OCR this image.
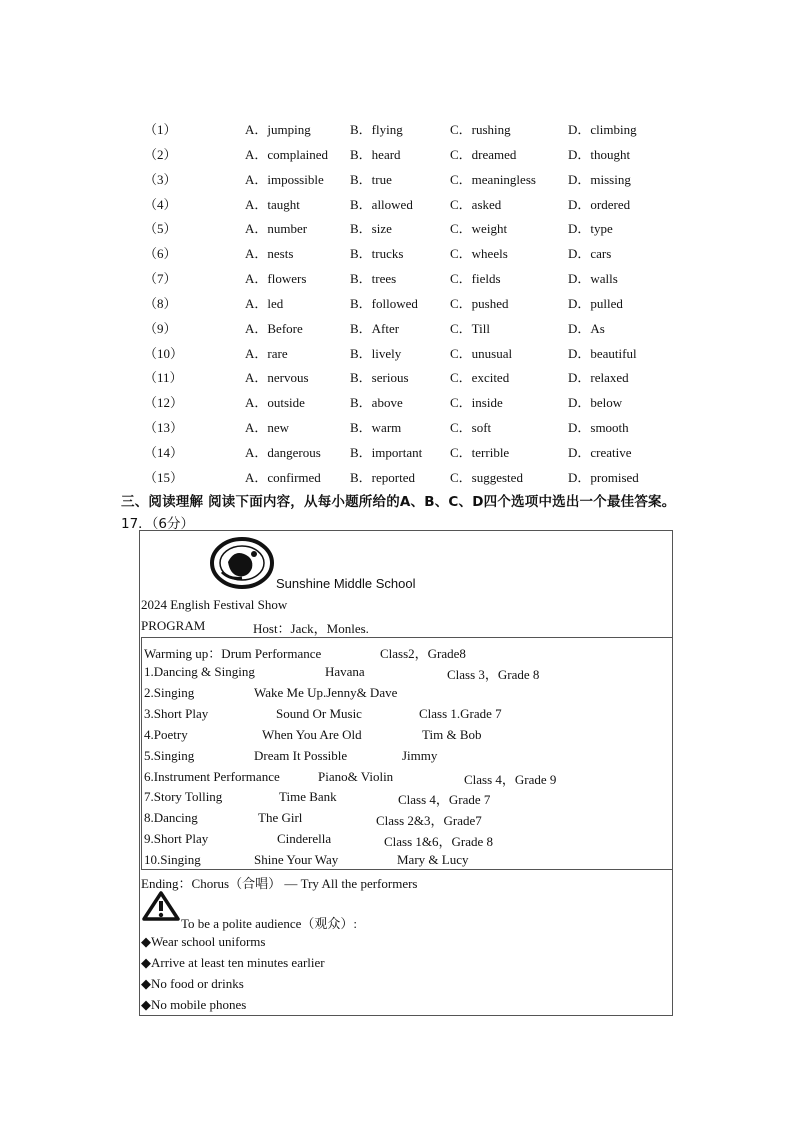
（1）	A．jumping	B．flying	C．rushing	D．climbing
（2）	A．complained B．heard	C．dreamed	D．thought
（3）	A．impossible B．true	C．meaningless D．missing
（4）	A．taught	B．allowed	C．asked	D．ordered
（5）	A．number	B．size	C．weight	D．type
（6）	A．nests	B．trucks	C．wheels	D．cars
（7）	A．flowers	B．trees	C．fields	D．walls
（8）	A．led	B．followed C．pushed	D．pulled
（9）	A．Before	B．After	C．Till	D．As
（10）	A．rare	B．lively	C．unusual	D．beautiful
（11）	A．nervous	B．serious	C．excited	D．relaxed
（12）	A．outside	B．above	C．inside	D．below
（13）	A．new	B．warm	C．soft	D．smooth
（14）	A．dangerous B．important C．terrible	D．creative
（15）	A．confirmed B．reported	C．suggested	D．promised
三、阅读理解 阅读下面内容，从每小题所给的A、B、C、D四个选项中选出一个最佳答案。
17．（6分）
Sunshine Middle School
2024 English Festival Show
PROGRAM	Host：Jack，Monles.
Warming up：Drum Performance	Class2，Grade8
1.Dancing & Singing	Havana	Class 3，Grade 8
2.Singing	Wake Me Up.Jenny& Dave
3.Short Play	Sound Or Music	Class 1.Grade 7
4.Poetry	When You Are Old	Tim & Bob
5.Singing	Dream It Possible	Jimmy
6.Instrument Performance	Piano& Violin	Class 4，Grade 9
7.Story Tolling	Time Bank	Class 4，Grade 7
8.Dancing	The Girl	Class 2&3，Grade7
9.Short Play	Cinderella	Class 1&6，Grade 8
10.Singing	Shine Your Way	Mary & Lucy
Ending：Chorus（合唱） — Try All the performers
To be a polite audience（观众）:
◆Wear school uniforms
◆Arrive at least ten minutes earlier
◆No food or drinks
◆No mobile phones
